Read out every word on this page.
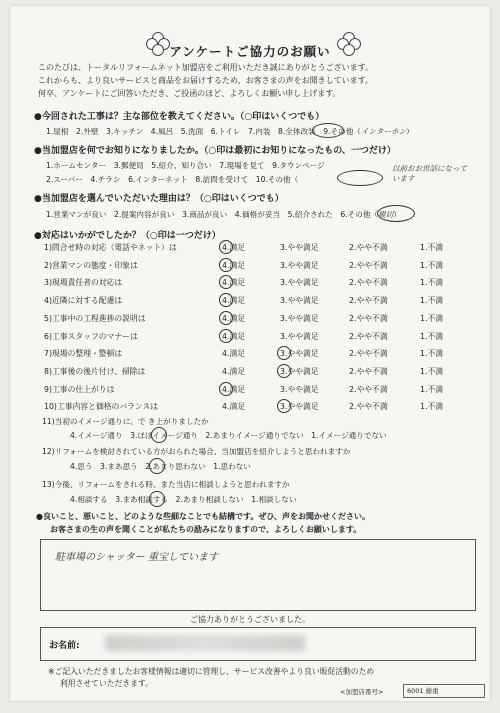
アンケートご協力のお願い
このたびは、トータルリフォームネット加盟店をご利用いただき誠にありがとうございます。
これからも、より良いサービスと商品をお届けするため、お客さまの声をお聞きしています。
何卒、アンケートにご回答いただき、ご投函のほど、よろしくお願い申し上げます。
●今回された工事は？主な部位を教えてください。（○印はいくつでも）
1.屋根　2.外壁　3.キッチン　4.風呂　5.洗面　6.トイレ　7.内装　8.全体改装　9.その他（インターホン）
●当加盟店を何でお知りになりましたか。（○印は最初にお知りになったもの、一つだけ）
1.ホームセンター　3.郵便局　5.紹介、知り合い　7.現場を見て　9.タウンページ
2.スーパー　4.チラシ　6.インターネット　8.訪問を受けて　10.その他（
以前おお世話になっています
●当加盟店を選んでいただいた理由は？（○印はいくつでも）
1.営業マンが良い　2.提案内容が良い　3.商品が良い　4.価格が妥当　5.紹介された　6.その他（親切）
●対応はいかがでしたか？（○印は一つだけ）
1)問合せ時の対応（電話やネット）は	4.満足	3.やや満足	2.やや不満	1.不満
2)営業マンの態度・印象は	4.満足	3.やや満足	2.やや不満	1.不満
3)現場責任者の対応は	4.満足	3.やや満足	2.やや不満	1.不満
4)近隣に対する配慮は	4.満足	3.やや満足	2.やや不満	1.不満
5)工事中の工程進捗の説明は	4.満足	3.やや満足	2.やや不満	1.不満
6)工事スタッフのマナーは	4.満足	3.やや満足	2.やや不満	1.不満
7)現場の整理・整頓は	4.満足	3.やや満足	2.やや不満	1.不満
8)工事後の後片付け、掃除は	4.満足	3.やや満足	2.やや不満	1.不満
9)工事の仕上がりは	4.満足	3.やや満足	2.やや不満	1.不満
10)工事内容と価格のバランスは	4.満足	3.やや満足	2.やや不満	1.不満
11)当初のイメージ通りに、で き上がりましたか
4.イメージ通り　3.ほぼイメージ通り　2.あまりイメージ通りでない　1.イメージ通りでない
12)リフォームを検討されている方がおられた場合、当加盟店を紹介しようと思われますか
4.思う　3.まあ思う　2.あまり思わない　1.思わない
13)今後、リフォームをされる時、また当店に相談しようと思われますか
4.相談する　3.まあ相談する　2.あまり相談しない　1.相談しない
●良いこと、悪いこと、どのような些細なことでも結構です。ぜひ、声をお聞かせください。
お客さまの生の声を聞くことが私たちの励みになりますので、よろしくお願いします。
駐車場のシャッター 重宝しています
ご協力ありがとうございました。
お名前:
※ご記入いただきましたお客様情報は適切に管理し、サービス改善やより良い販促活動のため
利用させていただきます。
<加盟店番号>	6001 藤重
